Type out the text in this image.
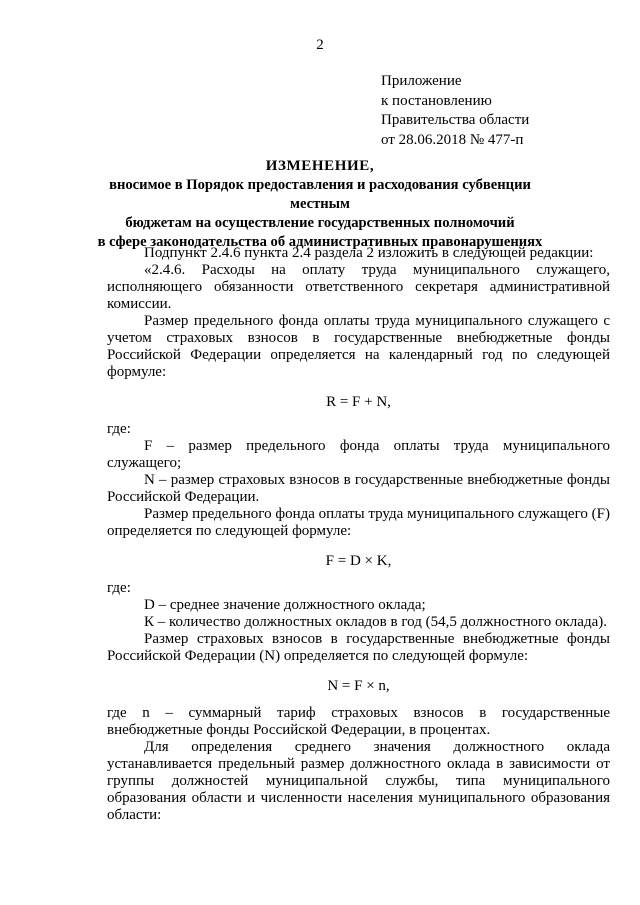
2
Приложение
к постановлению
Правительства области
от 28.06.2018 № 477-п
ИЗМЕНЕНИЕ,
вносимое в Порядок предоставления и расходования субвенции местным
бюджетам на осуществление государственных полномочий
в сфере законодательства об административных правонарушениях

Подпункт 2.4.6 пункта 2.4 раздела 2 изложить в следующей редакции:

«2.4.6. Расходы на оплату труда муниципального служащего, исполняющего обязанности ответственного секретаря административной комиссии.

Размер предельного фонда оплаты труда муниципального служащего с учетом страховых взносов в государственные внебюджетные фонды Российской Федерации определяется на календарный год по следующей формуле:

R = F + N,

где:

F – размер предельного фонда оплаты труда муниципального служащего;

N – размер страховых взносов в государственные внебюджетные фонды Российской Федерации.

Размер предельного фонда оплаты труда муниципального служащего (F) определяется по следующей формуле:

F = D × K,

где:

D – среднее значение должностного оклада;

К – количество должностных окладов в год (54,5 должностного оклада).

Размер страховых взносов в государственные внебюджетные фонды Российской Федерации (N) определяется по следующей формуле:

N = F × n,

где n – суммарный тариф страховых взносов в государственные внебюджетные фонды Российской Федерации, в процентах.

Для определения среднего значения должностного оклада устанавливается предельный размер должностного оклада в зависимости от группы должностей муниципальной службы, типа муниципального образования области и численности населения муниципального образования области:
